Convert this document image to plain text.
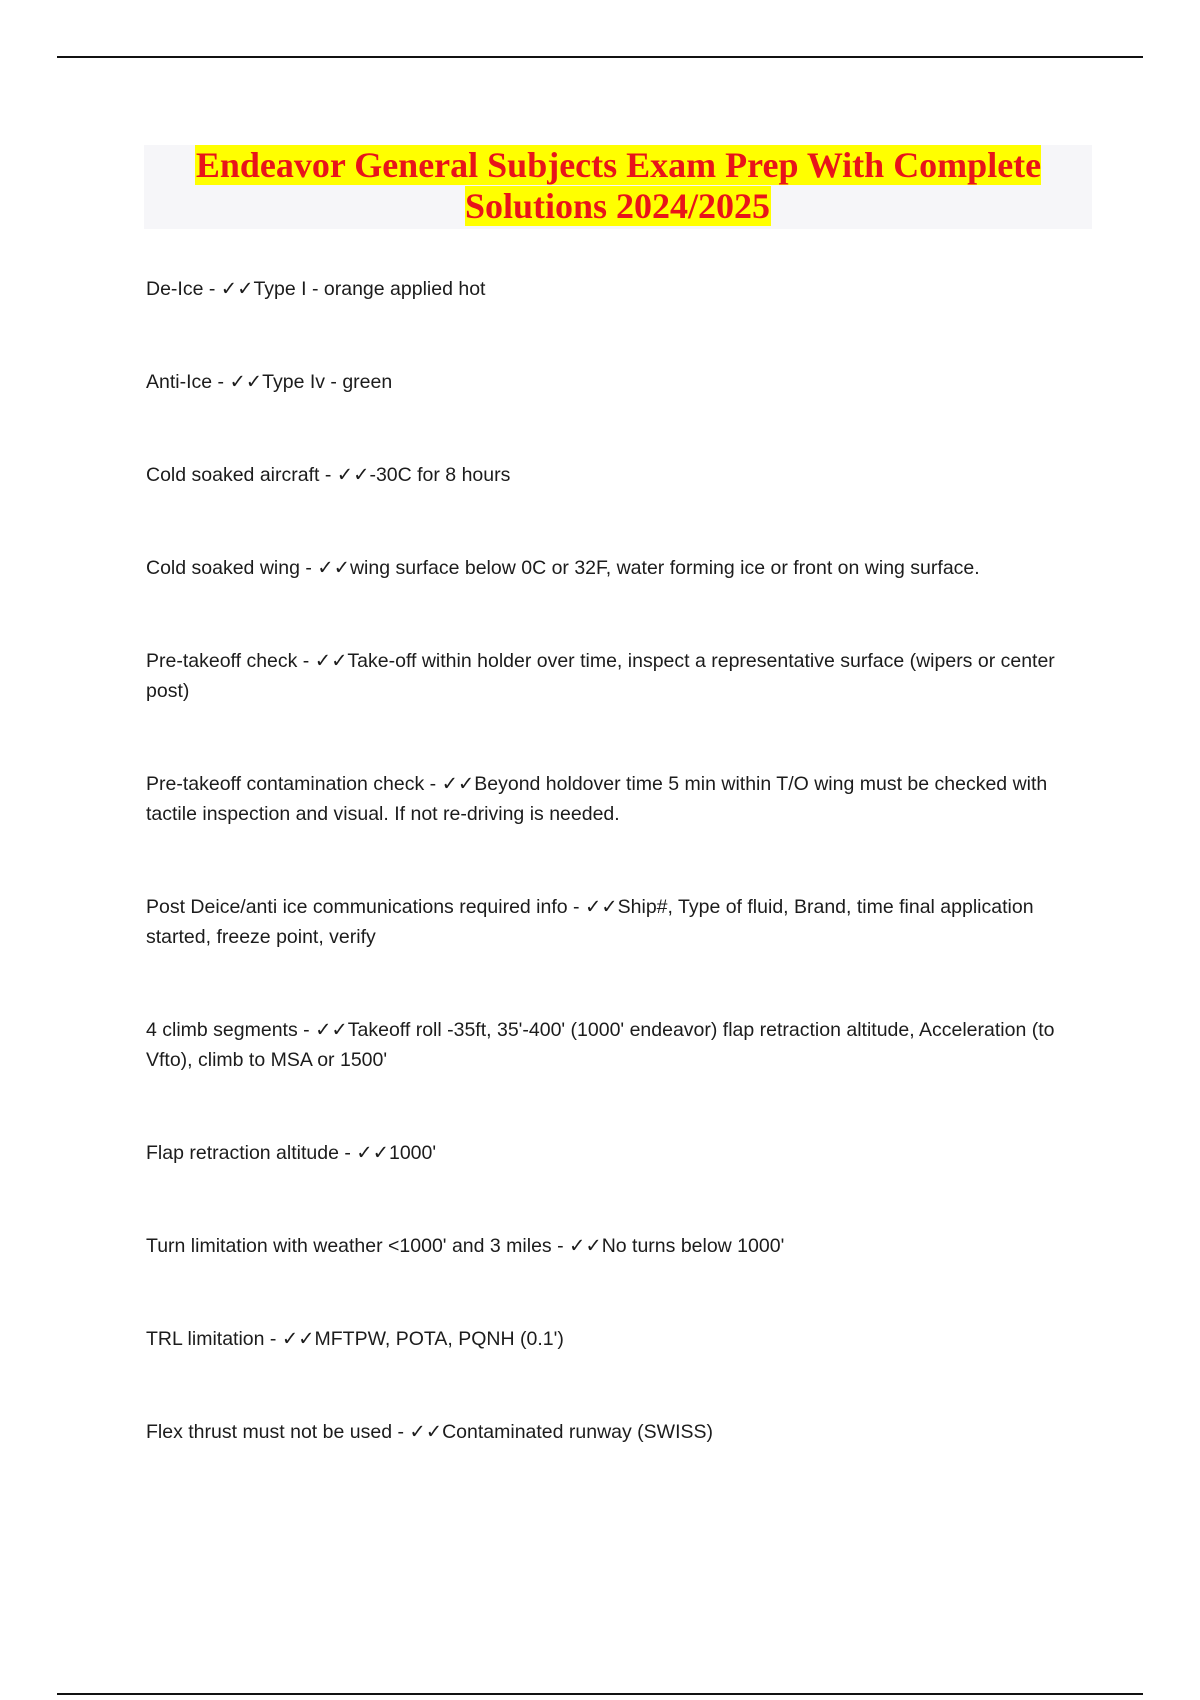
Endeavor General Subjects Exam Prep With Complete Solutions 2024/2025
De-Ice - ✓✓Type I - orange applied hot
Anti-Ice - ✓✓Type Iv - green
Cold soaked aircraft - ✓✓-30C for 8 hours
Cold soaked wing - ✓✓wing surface below 0C or 32F, water forming ice or front on wing surface.
Pre-takeoff check - ✓✓Take-off within holder over time, inspect a representative surface (wipers or center post)
Pre-takeoff contamination check - ✓✓Beyond holdover time 5 min within T/O wing must be checked with tactile inspection and visual. If not re-driving is needed.
Post Deice/anti ice communications required info - ✓✓Ship#, Type of fluid, Brand, time final application started, freeze point, verify
4 climb segments - ✓✓Takeoff roll -35ft, 35'-400' (1000' endeavor) flap retraction altitude, Acceleration (to Vfto), climb to MSA or 1500'
Flap retraction altitude - ✓✓1000'
Turn limitation with weather <1000' and 3 miles - ✓✓No turns below 1000'
TRL limitation - ✓✓MFTPW, POTA, PQNH (0.1')
Flex thrust must not be used - ✓✓Contaminated runway (SWISS)
